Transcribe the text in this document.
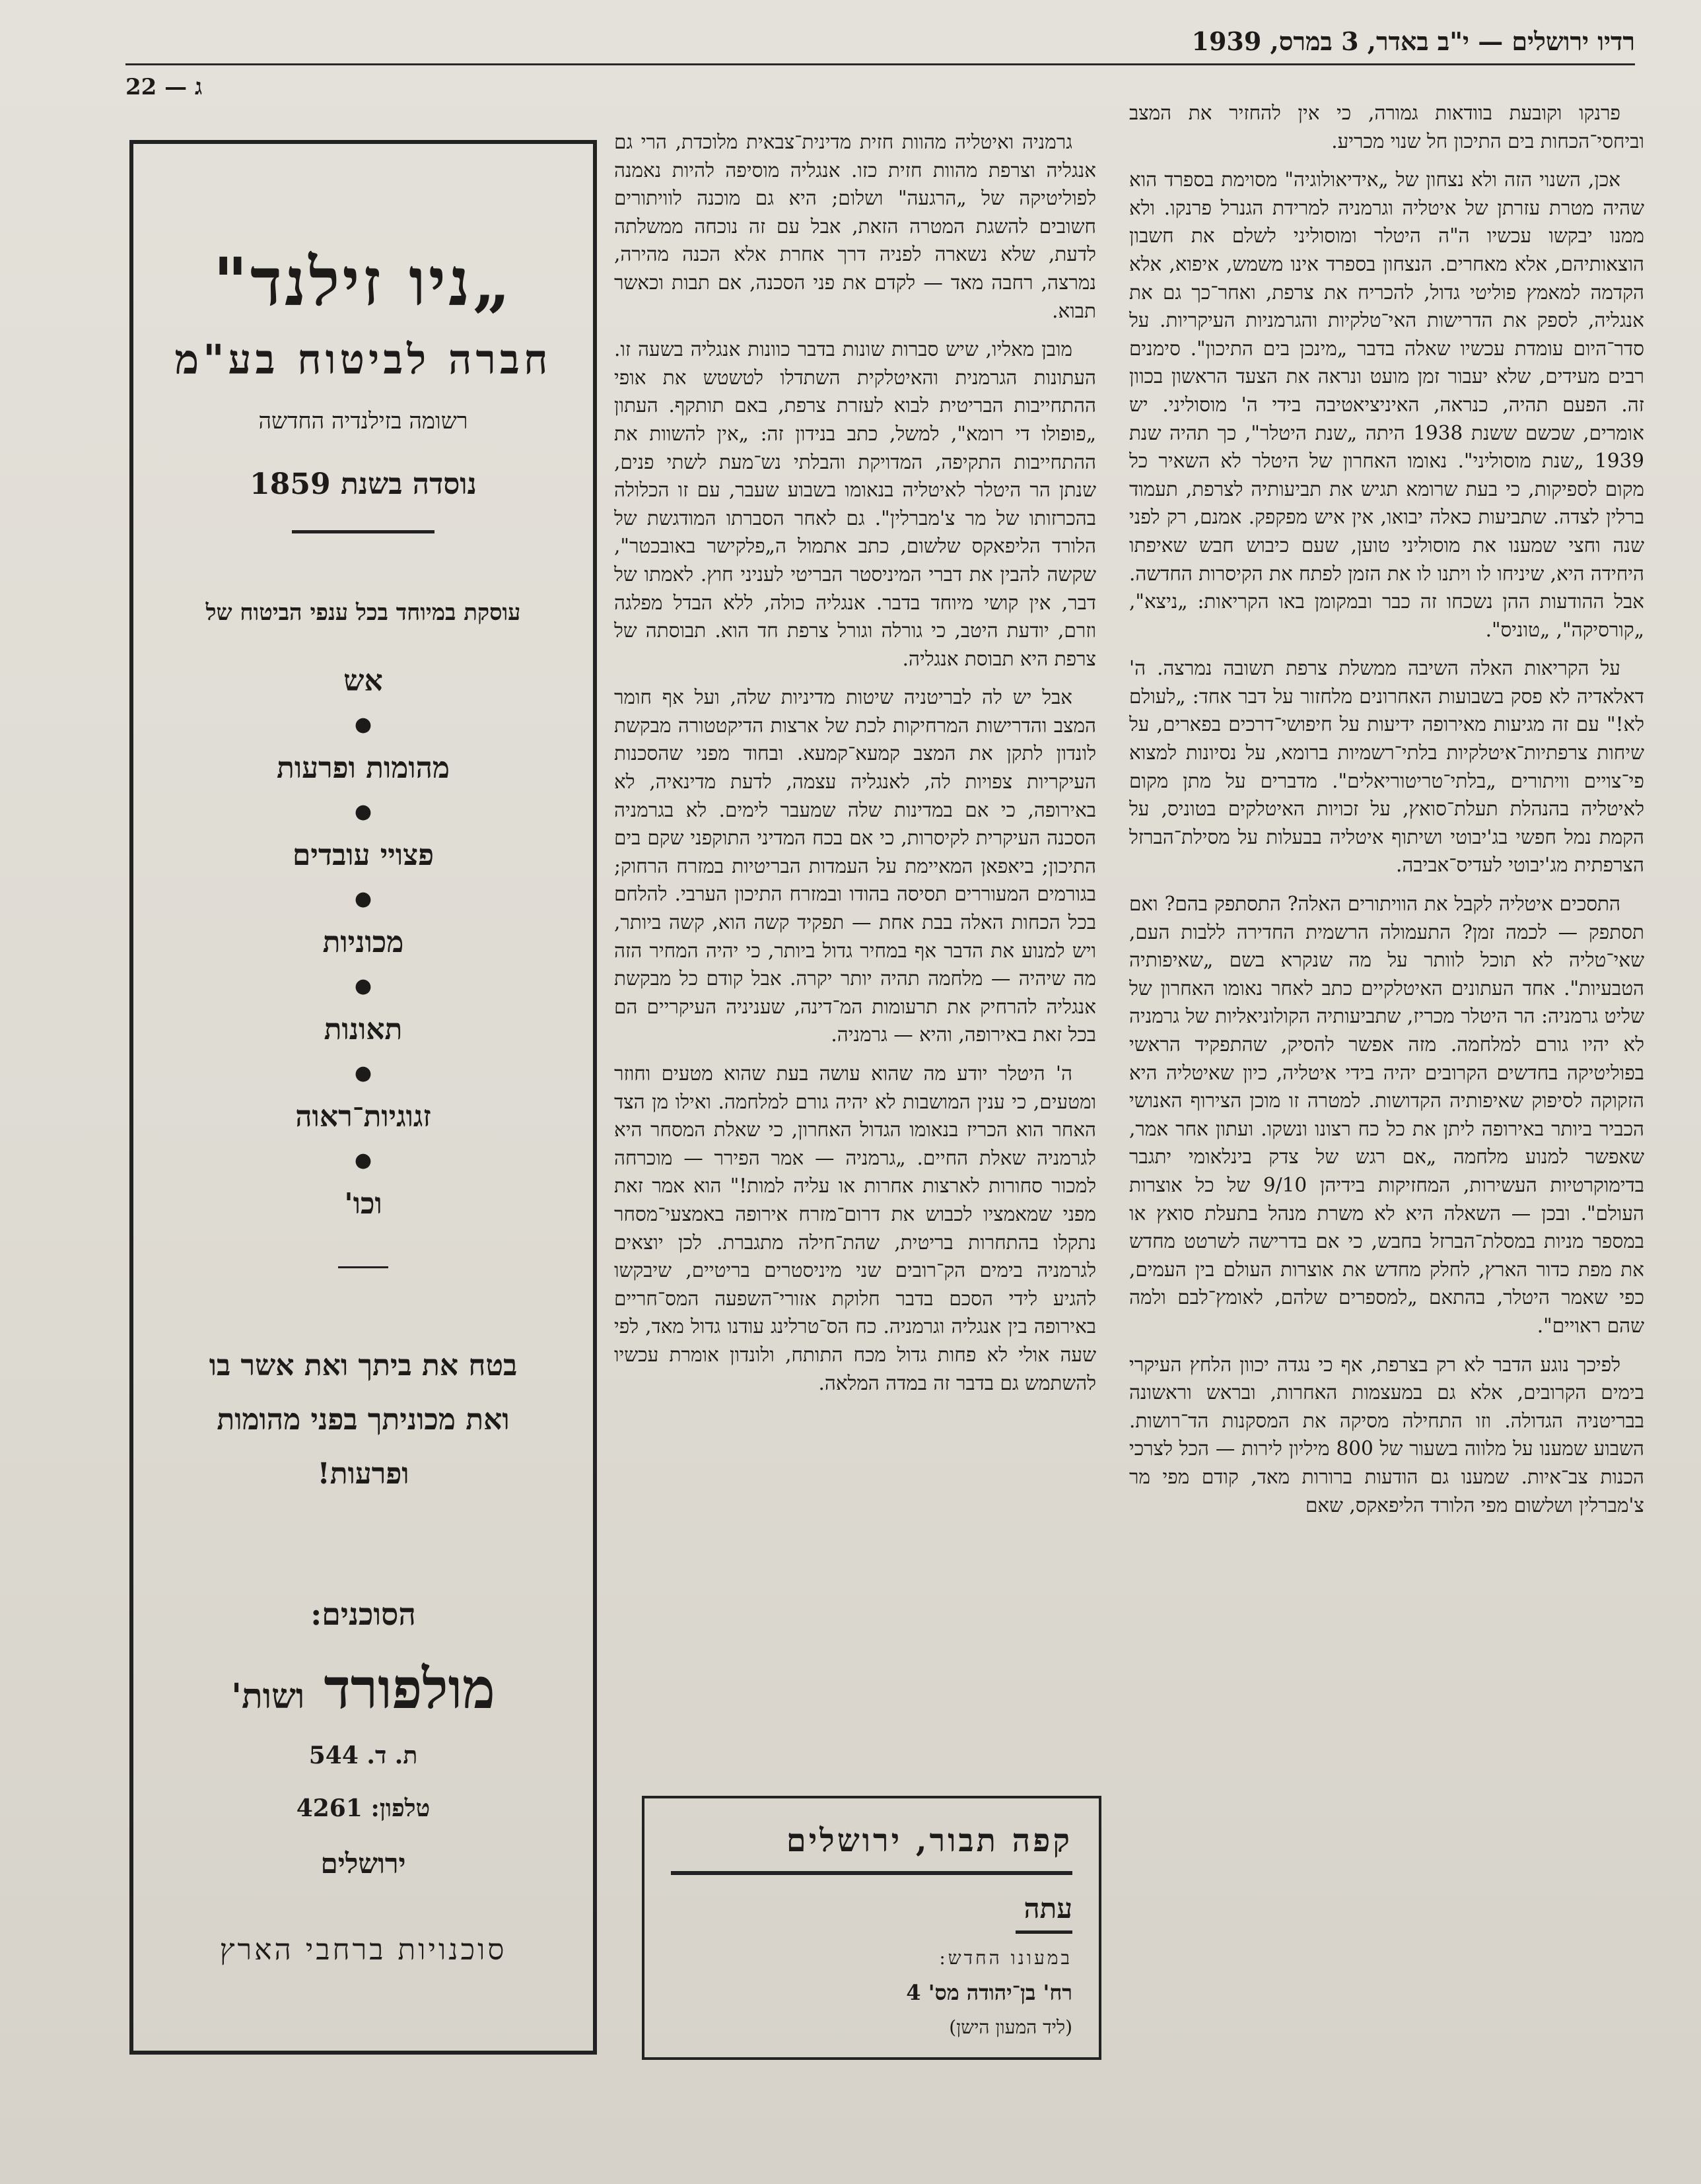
רדיו ירושלים — י"ב באדר, 3 במרס, 1939
ג — 22

פרנקו וקובעת בוודאות גמורה, כי אין להחזיר את המצב וביחסי־הכחות בים התיכון חל שנוי מכריע.

אכן, השנוי הזה ולא נצחון של „אידיאולוגיה" מסוימת בספרד הוא שהיה מטרת עזרתן של איטליה וגרמניה למרידת הגנרל פרנקו. ולא ממנו יבקשו עכשיו ה"ה היטלר ומוסוליני לשלם את חשבון הוצאותיהם, אלא מאחרים. הנצחון בספרד אינו משמש, איפוא, אלא הקדמה למאמץ פוליטי גדול, להכריח את צרפת, ואחר־כך גם את אנגליה, לספק את הדרישות האי־טלקיות והגרמניות העיקריות. על סדר־היום עומדת עכשיו שאלה בדבר „מינכן בים התיכון". סימנים רבים מעידים, שלא יעבור זמן מועט ונראה את הצעד הראשון בכוון זה. הפעם תהיה, כנראה, האיניציאטיבה בידי ה' מוסוליני. יש אומרים, שכשם ששנת 1938 היתה „שנת היטלר", כך תהיה שנת 1939 „שנת מוסוליני". נאומו האחרון של היטלר לא השאיר כל מקום לספיקות, כי בעת שרומא תגיש את תביעותיה לצרפת, תעמוד ברלין לצדה. שתביעות כאלה יבואו, אין איש מפקפק. אמנם, רק לפני שנה וחצי שמענו את מוסוליני טוען, שעם כיבוש חבש שאיפתו היחידה היא, שיניחו לו ויתנו לו את הזמן לפתח את הקיסרות החדשה. אבל ההודעות ההן נשכחו זה כבר ובמקומן באו הקריאות: „ניצא", „קורסיקה", „טוניס".

על הקריאות האלה השיבה ממשלת צרפת תשובה נמרצה. ה' דאלאדיה לא פסק בשבועות האחרונים מלחזור על דבר אחד: „לעולם לא!" עם זה מגיעות מאירופה ידיעות על חיפושי־דרכים בפארים, על שיחות צרפתיות־איטלקיות בלתי־רשמיות ברומא, על נסיונות למצוא פי־צויים וויתורים „בלתי־טריטוריאלים". מדברים על מתן מקום לאיטליה בהנהלת תעלת־סואץ, על זכויות האיטלקים בטוניס, על הקמת נמל חפשי בג'יבוטי ושיתוף איטליה בבעלות על מסילת־הברזל הצרפתית מג'יבוטי לעדיס־אביבה.

התסכים איטליה לקבל את הוויתורים האלה? התסתפק בהם? ואם תסתפק — לכמה זמן? התעמולה הרשמית החדירה ללבות העם, שאי־טליה לא תוכל לוותר על מה שנקרא בשם „שאיפותיה הטבעיות". אחד העתונים האיטלקיים כתב לאחר נאומו האחרון של שליט גרמניה: הר היטלר מכריז, שתביעותיה הקולוניאליות של גרמניה לא יהיו גורם למלחמה. מזה אפשר להסיק, שהתפקיד הראשי בפוליטיקה בחדשים הקרובים יהיה בידי איטליה, כיון שאיטליה היא הזקוקה לסיפוק שאיפותיה הקדושות. למטרה זו מוכן הצירוף האנושי הכביר ביותר באירופה ליתן את כל כח רצונו ונשקו. ועתון אחר אמר, שאפשר למנוע מלחמה „אם רגש של צדק בינלאומי יתגבר בדימוקרטיות העשירות, המחזיקות בידיהן 9/10 של כל אוצרות העולם". ובכן — השאלה היא לא משרת מנהל בתעלת סואץ או במספר מניות במסלת־הברזל בחבש, כי אם בדרישה לשרטט מחדש את מפת כדור הארץ, לחלק מחדש את אוצרות העולם בין העמים, כפי שאמר היטלר, בהתאם „למספרים שלהם, לאומץ־לבם ולמה שהם ראויים".

לפיכך נוגע הדבר לא רק בצרפת, אף כי נגדה יכוון הלחץ העיקרי בימים הקרובים, אלא גם במעצמות האחרות, ובראש וראשונה בבריטניה הגדולה. וזו התחילה מסיקה את המסקנות הד־רושות. השבוע שמענו על מלווה בשעור של 800 מיליון לירות — הכל לצרכי הכנות צב־איות. שמענו גם הודעות ברורות מאד, קודם מפי מר צ'מברלין ושלשום מפי הלורד הליפאקס, שאם

גרמניה ואיטליה מהוות חזית מדינית־צבאית מלוכדת, הרי גם אנגליה וצרפת מהוות חזית כזו. אנגליה מוסיפה להיות נאמנה לפוליטיקה של „הרגעה" ושלום; היא גם מוכנה לוויתורים חשובים להשגת המטרה הזאת, אבל עם זה נוכחה ממשלתה לדעת, שלא נשארה לפניה דרך אחרת אלא הכנה מהירה, נמרצה, רחבה מאד — לקדם את פני הסכנה, אם תבות וכאשר תבוא.

מובן מאליו, שיש סברות שונות בדבר כוונות אנגליה בשעה זו. העתונות הגרמנית והאיטלקית השתדלו לטשטש את אופי ההתחייבות הבריטית לבוא לעזרת צרפת, באם תותקף. העתון „פופולו די רומא", למשל, כתב בנידון זה: „אין להשוות את ההתחייבות התקיפה, המדויקת והבלתי נש־מעת לשתי פנים, שנתן הר היטלר לאיטליה בנאומו בשבוע שעבר, עם זו הכלולה בהכרזותו של מר צ'מברלין". גם לאחר הסברתו המודגשת של הלורד הליפאקס שלשום, כתב אתמול ה„פלקישר באובכטר", שקשה להבין את דברי המיניסטר הבריטי לעניני חוץ. לאמתו של דבר, אין קושי מיוחד בדבר. אנגליה כולה, ללא הבדל מפלגה וזרם, יודעת היטב, כי גורלה וגורל צרפת חד הוא. תבוסתה של צרפת היא תבוסת אנגליה.

אבל יש לה לבריטניה שיטות מדיניות שלה, ועל אף חומר המצב והדרישות המרחיקות לכת של ארצות הדיקטטורה מבקשת לונדון לתקן את המצב קמעא־קמעא. ובחוד מפני שהסכנות העיקריות צפויות לה, לאנגליה עצמה, לדעת מדינאיה, לא באירופה, כי אם במדינות שלה שמעבר לימים. לא בגרמניה הסכנה העיקרית לקיסרות, כי אם בכח המדיני התוקפני שקם בים התיכון; ביאפאן המאיימת על העמדות הבריטיות במזרח הרחוק; בגורמים המעוררים תסיסה בהודו ובמזרח התיכון הערבי. להלחם בכל הכחות האלה בבת אחת — תפקיד קשה הוא, קשה ביותר, ויש למנוע את הדבר אף במחיר גדול ביותר, כי יהיה המחיר הזה מה שיהיה — מלחמה תהיה יותר יקרה. אבל קודם כל מבקשת אנגליה להרחיק את תרעומות המ־דינה, שעניניה העיקריים הם בכל זאת באירופה, והיא — גרמניה.

ה' היטלר יודע מה שהוא עושה בעת שהוא מטעים וחוזר ומטעים, כי ענין המושבות לא יהיה גורם למלחמה. ואילו מן הצד האחר הוא הכריז בנאומו הגדול האחרון, כי שאלת המסחר היא לגרמניה שאלת החיים. „גרמניה — אמר הפירר — מוכרחה למכור סחורות לארצות אחרות או עליה למות!" הוא אמר זאת מפני שמאמציו לכבוש את דרום־מזרח אירופה באמצעי־מסחר נתקלו בהתחרות בריטית, שהת־חילה מתגברת. לכן יוצאים לגרמניה בימים הק־רובים שני מיניסטרים בריטיים, שיבקשו להגיע לידי הסכם בדבר חלוקת אזורי־השפעה המס־חריים באירופה בין אנגליה וגרמניה. כח הס־טרלינג עודנו גדול מאד, לפי שעה אולי לא פחות גדול מכח התותח, ולונדון אומרת עכשיו להשתמש גם בדבר זה במדה המלאה.

„ניו זילנד"
חברה לביטוח בע"מ
רשומה בזילנדיה החדשה
נוסדה בשנת 1859
עוסקת במיוחד בכל ענפי הביטוח של
אש
●
מהומות ופרעות
●
פצויי עובדים
●
מכוניות
●
תאונות
●
זגוגיות־ראוה
●
וכו'
בטח את ביתך ואת אשר בו
ואת מכוניתך בפני מהומות
ופרעות!
הסוכנים:
מולפורד ושות'
ת. ד. 544
טלפון: 4261
ירושלים
סוכנויות ברחבי הארץ
קפה תבור, ירושלים
עתה
במעונו החדש:
רח' בן־יהודה מס' 4
(ליד המעון הישן)
